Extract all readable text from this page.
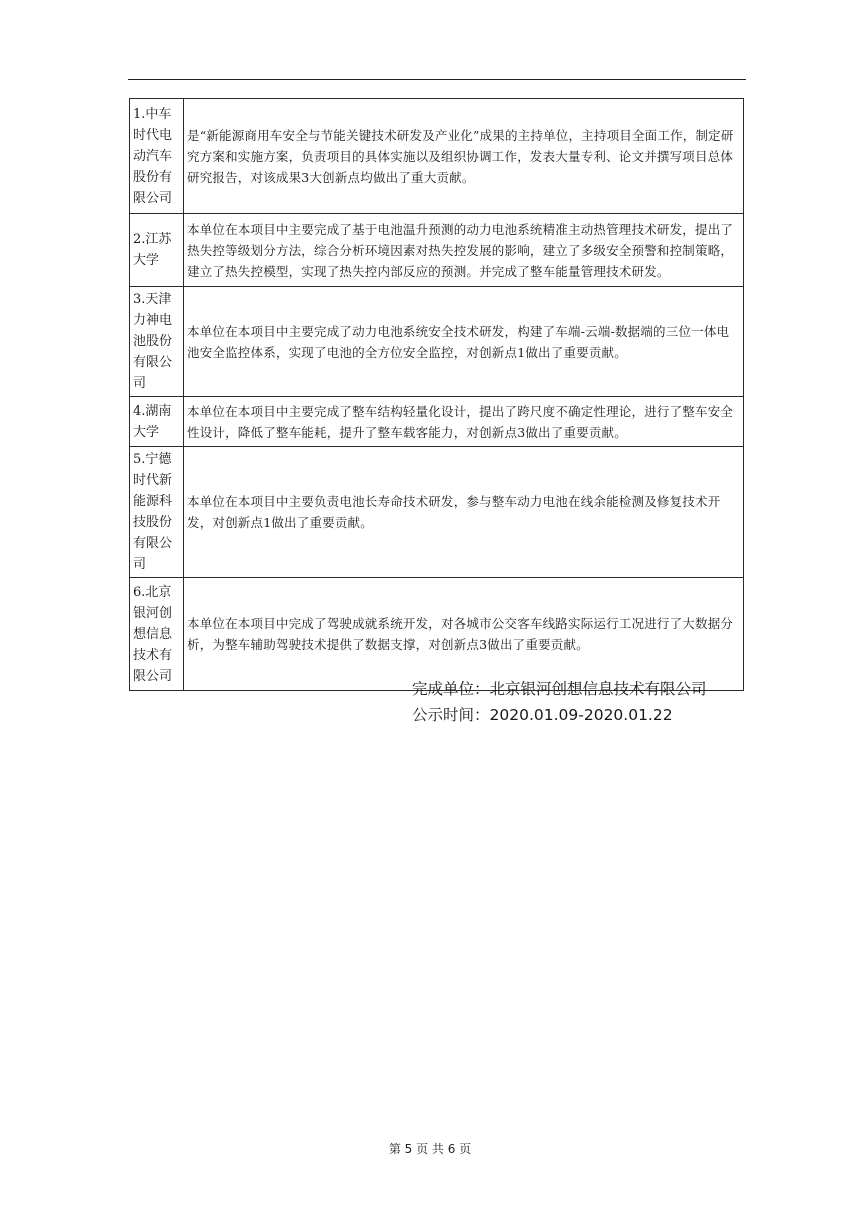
1.中车时代电动汽车股份有限公司	是“新能源商用车安全与节能关键技术研发及产业化”成果的主持单位，主持项目全面工作，制定研究方案和实施方案，负责项目的具体实施以及组织协调工作，发表大量专利、论文并撰写项目总体研究报告，对该成果3大创新点均做出了重大贡献。
2.江苏大学	本单位在本项目中主要完成了基于电池温升预测的动力电池系统精准主动热管理技术研发，提出了热失控等级划分方法，综合分析环境因素对热失控发展的影响，建立了多级安全预警和控制策略，建立了热失控模型，实现了热失控内部反应的预测。并完成了整车能量管理技术研发。
3.天津力神电池股份有限公司	本单位在本项目中主要完成了动力电池系统安全技术研发，构建了车端-云端-数据端的三位一体电池安全监控体系，实现了电池的全方位安全监控，对创新点1做出了重要贡献。
4.湖南大学	本单位在本项目中主要完成了整车结构轻量化设计，提出了跨尺度不确定性理论，进行了整车安全性设计，降低了整车能耗，提升了整车载客能力，对创新点3做出了重要贡献。
5.宁德时代新能源科技股份有限公司	本单位在本项目中主要负责电池长寿命技术研发，参与整车动力电池在线余能检测及修复技术开发，对创新点1做出了重要贡献。
6.北京银河创想信息技术有限公司	本单位在本项目中完成了驾驶成就系统开发，对各城市公交客车线路实际运行工况进行了大数据分析，为整车辅助驾驶技术提供了数据支撑，对创新点3做出了重要贡献。
完成单位：北京银河创想信息技术有限公司
公示时间：2020.01.09-2020.01.22
第 5 页 共 6 页
